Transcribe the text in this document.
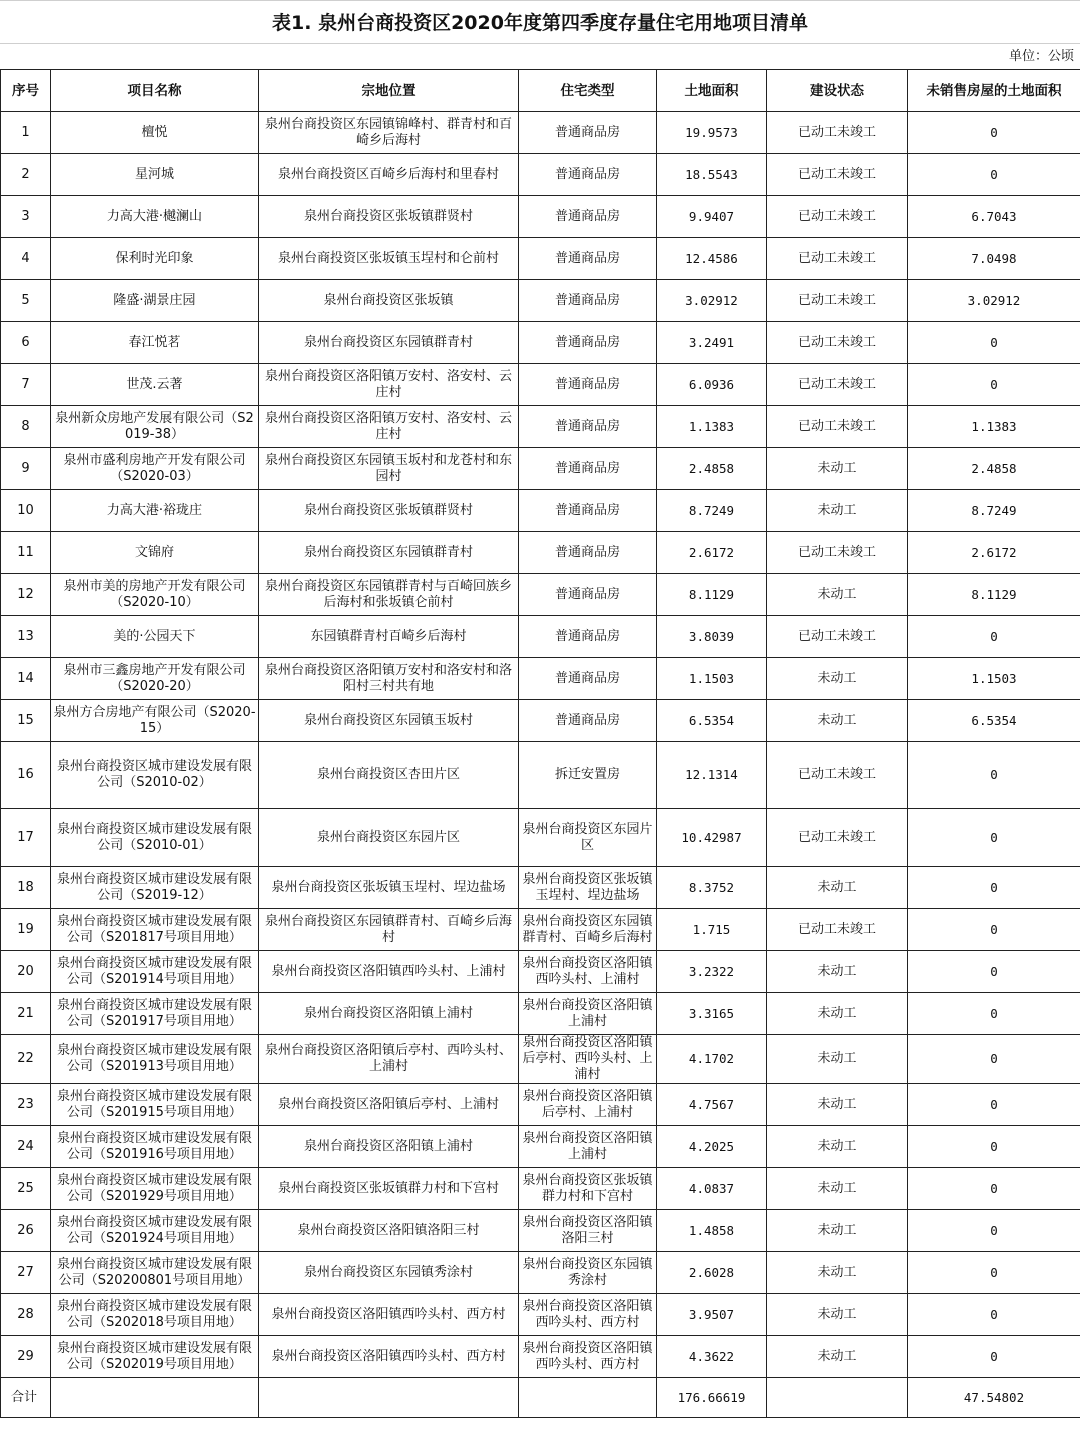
表1. 泉州台商投资区2020年度第四季度存量住宅用地项目清单
单位：公顷
序号	项目名称	宗地位置	住宅类型	土地面积	建设状态	未销售房屋的土地面积
1	檀悦	泉州台商投资区东园镇锦峰村、群青村和百崎乡后海村	普通商品房	19.9573	已动工未竣工	0
2	星河城	泉州台商投资区百崎乡后海村和里春村	普通商品房	18.5543	已动工未竣工	0
3	力高大港·樾澜山	泉州台商投资区张坂镇群贤村	普通商品房	9.9407	已动工未竣工	6.7043
4	保利时光印象	泉州台商投资区张坂镇玉埕村和仑前村	普通商品房	12.4586	已动工未竣工	7.0498
5	隆盛·湖景庄园	泉州台商投资区张坂镇	普通商品房	3.02912	已动工未竣工	3.02912
6	春江悦茗	泉州台商投资区东园镇群青村	普通商品房	3.2491	已动工未竣工	0
7	世茂.云著	泉州台商投资区洛阳镇万安村、洛安村、云庄村	普通商品房	6.0936	已动工未竣工	0
8	泉州新众房地产发展有限公司（S2019-38）	泉州台商投资区洛阳镇万安村、洛安村、云庄村	普通商品房	1.1383	已动工未竣工	1.1383
9	泉州市盛利房地产开发有限公司（S2020-03）	泉州台商投资区东园镇玉坂村和龙苍村和东园村	普通商品房	2.4858	未动工	2.4858
10	力高大港·裕珑庄	泉州台商投资区张坂镇群贤村	普通商品房	8.7249	未动工	8.7249
11	文锦府	泉州台商投资区东园镇群青村	普通商品房	2.6172	已动工未竣工	2.6172
12	泉州市美的房地产开发有限公司（S2020-10）	泉州台商投资区东园镇群青村与百崎回族乡后海村和张坂镇仑前村	普通商品房	8.1129	未动工	8.1129
13	美的·公园天下	东园镇群青村百崎乡后海村	普通商品房	3.8039	已动工未竣工	0
14	泉州市三鑫房地产开发有限公司（S2020-20）	泉州台商投资区洛阳镇万安村和洛安村和洛阳村三村共有地	普通商品房	1.1503	未动工	1.1503
15	泉州方合房地产有限公司（S2020-15）	泉州台商投资区东园镇玉坂村	普通商品房	6.5354	未动工	6.5354
16	泉州台商投资区城市建设发展有限公司（S2010-02）	泉州台商投资区杏田片区	拆迁安置房	12.1314	已动工未竣工	0
17	泉州台商投资区城市建设发展有限公司（S2010-01）	泉州台商投资区东园片区	泉州台商投资区东园片区	10.42987	已动工未竣工	0
18	泉州台商投资区城市建设发展有限公司（S2019-12）	泉州台商投资区张坂镇玉埕村、埕边盐场	泉州台商投资区张坂镇玉埕村、埕边盐场	8.3752	未动工	0
19	泉州台商投资区城市建设发展有限公司（S201817号项目用地）	泉州台商投资区东园镇群青村、百崎乡后海村	泉州台商投资区东园镇群青村、百崎乡后海村	1.715	已动工未竣工	0
20	泉州台商投资区城市建设发展有限公司（S201914号项目用地）	泉州台商投资区洛阳镇西吟头村、上浦村	泉州台商投资区洛阳镇西吟头村、上浦村	3.2322	未动工	0
21	泉州台商投资区城市建设发展有限公司（S201917号项目用地）	泉州台商投资区洛阳镇上浦村	泉州台商投资区洛阳镇上浦村	3.3165	未动工	0
22	泉州台商投资区城市建设发展有限公司（S201913号项目用地）	泉州台商投资区洛阳镇后亭村、西吟头村、上浦村	泉州台商投资区洛阳镇后亭村、西吟头村、上浦村	4.1702	未动工	0
23	泉州台商投资区城市建设发展有限公司（S201915号项目用地）	泉州台商投资区洛阳镇后亭村、上浦村	泉州台商投资区洛阳镇后亭村、上浦村	4.7567	未动工	0
24	泉州台商投资区城市建设发展有限公司（S201916号项目用地）	泉州台商投资区洛阳镇上浦村	泉州台商投资区洛阳镇上浦村	4.2025	未动工	0
25	泉州台商投资区城市建设发展有限公司（S201929号项目用地）	泉州台商投资区张坂镇群力村和下宫村	泉州台商投资区张坂镇群力村和下宫村	4.0837	未动工	0
26	泉州台商投资区城市建设发展有限公司（S201924号项目用地）	泉州台商投资区洛阳镇洛阳三村	泉州台商投资区洛阳镇洛阳三村	1.4858	未动工	0
27	泉州台商投资区城市建设发展有限公司（S20200801号项目用地）	泉州台商投资区东园镇秀涂村	泉州台商投资区东园镇秀涂村	2.6028	未动工	0
28	泉州台商投资区城市建设发展有限公司（S202018号项目用地）	泉州台商投资区洛阳镇西吟头村、西方村	泉州台商投资区洛阳镇西吟头村、西方村	3.9507	未动工	0
29	泉州台商投资区城市建设发展有限公司（S202019号项目用地）	泉州台商投资区洛阳镇西吟头村、西方村	泉州台商投资区洛阳镇西吟头村、西方村	4.3622	未动工	0
合计				176.66619		47.54802
